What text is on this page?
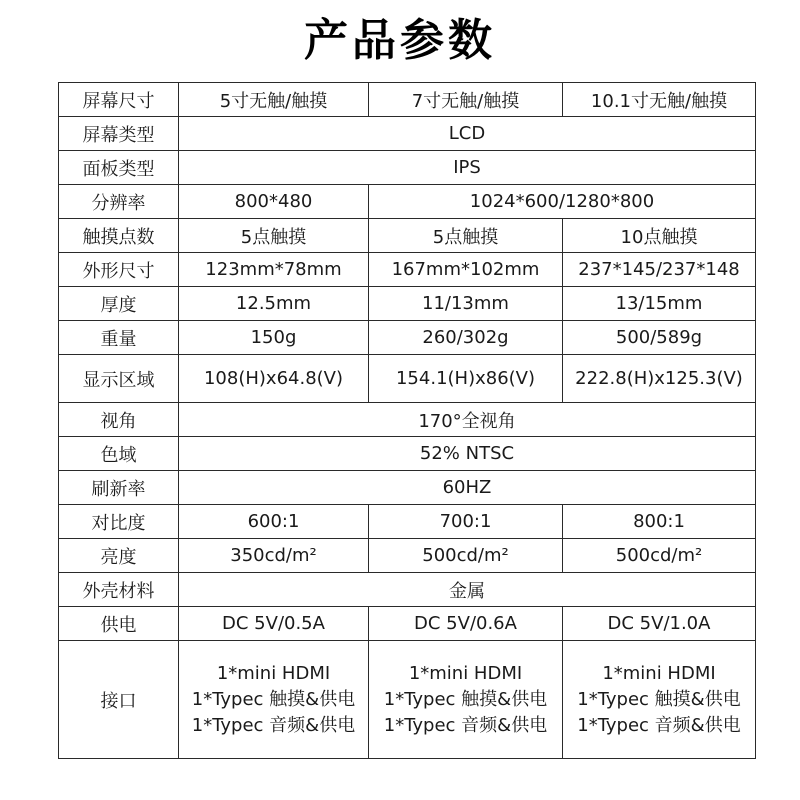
产品参数
屏幕尺寸	5寸无触/触摸	7寸无触/触摸	10.1寸无触/触摸
屏幕类型	LCD		
面板类型	IPS		
分辨率	800*480	1024*600/1280*800	
触摸点数	5点触摸	5点触摸	10点触摸
外形尺寸	123mm*78mm	167mm*102mm	237*145/237*148
厚度	12.5mm	11/13mm	13/15mm
重量	150g	260/302g	500/589g
显示区域	108(H)x64.8(V)	154.1(H)x86(V)	222.8(H)x125.3(V)
视角	170°全视角		
色域	52% NTSC		
刷新率	60HZ		
对比度	600:1	700:1	800:1
亮度	350cd/m²	500cd/m²	500cd/m²
外壳材料	金属		
供电	DC 5V/0.5A	DC 5V/0.6A	DC 5V/1.0A
接口	1*mini HDMI
1*Typec 触摸&供电
1*Typec 音频&供电	1*mini HDMI
1*Typec 触摸&供电
1*Typec 音频&供电	1*mini HDMI
1*Typec 触摸&供电
1*Typec 音频&供电
